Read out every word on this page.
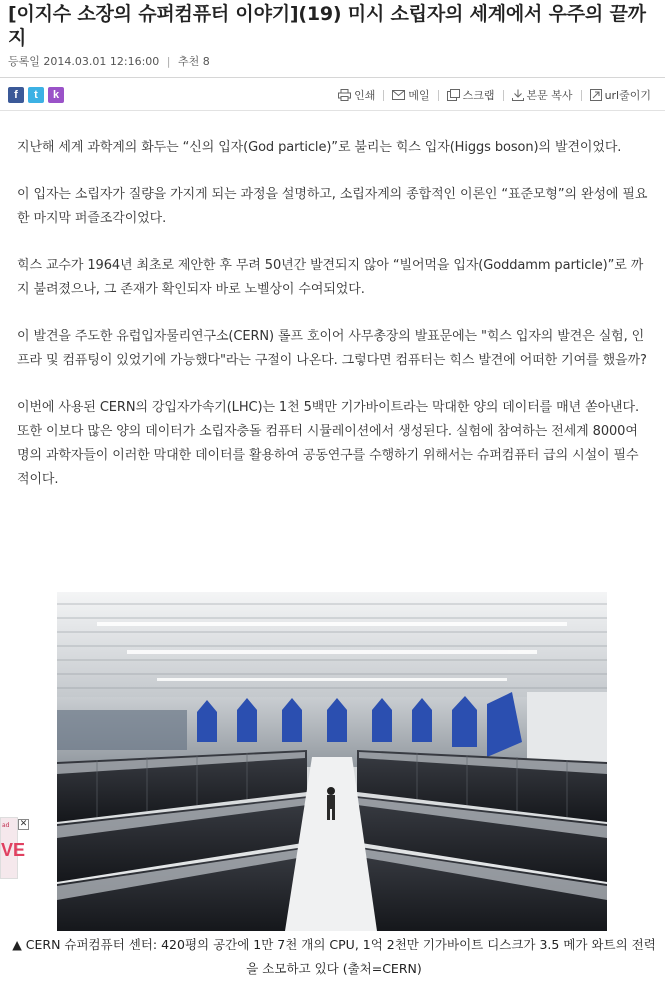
[이지수 소장의 슈퍼컴퓨터 이야기](19) 미시 소립자의 세계에서 우주의 끝까지
등록일 2014.03.01 12:16:00 | 추천 8
f	t	k	인쇄	메일	스크랩	본문 복사	url줄이기

지난해 세계 과학계의 화두는 “신의 입자(God particle)”로 불리는 힉스 입자(Higgs boson)의 발견이었다.

이 입자는 소립자가 질량을 가지게 되는 과정을 설명하고, 소립자계의 종합적인 이론인 “표준모형”의 완성에 필요한 마지막 퍼즐조각이었다.

힉스 교수가 1964년 최초로 제안한 후 무려 50년간 발견되지 않아 “빌어먹을 입자(Goddamm particle)”로 까지 불려졌으나, 그 존재가 확인되자 바로 노벨상이 수여되었다.

이 발견을 주도한 유럽입자물리연구소(CERN) 롤프 호이어 사무총장의 발표문에는 "힉스 입자의 발견은 실험, 인프라 및 컴퓨팅이 있었기에 가능했다"라는 구절이 나온다. 그렇다면 컴퓨터는 힉스 발견에 어떠한 기여를 했을까?

이번에 사용된 CERN의 강입자가속기(LHC)는 1천 5백만 기가바이트라는 막대한 양의 데이터를 매년 쏟아낸다. 또한 이보다 많은 양의 데이터가 소립자충돌 컴퓨터 시뮬레이션에서 생성된다. 실험에 참여하는 전세계 8000여명의 과학자들이 이러한 막대한 데이터를 활용하여 공동연구를 수행하기 위해서는 슈퍼컴퓨터 급의 시설이 필수적이다.

▲ CERN 슈퍼컴퓨터 센터: 420평의 공간에 1만 7천 개의 CPU, 1억 2천만 기가바이트 디스크가 3.5 메가 와트의 전력을 소모하고 있다 (출처=CERN)
ad
VE
✕
